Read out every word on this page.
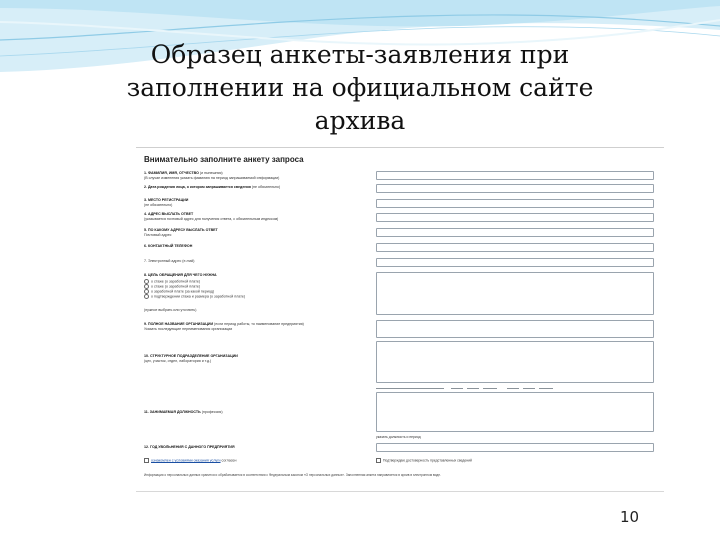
Образец анкеты-заявления при
заполнении на официальном сайте
архива
Внимательно заполните анкету запроса
1. ФАМИЛИЯ, ИМЯ, ОТЧЕСТВО (и нынешняя)
(В случае изменения указать фамилию на период запрашиваемой информации)
2. Дата рождения лица, о котором запрашивается сведения (не обязательно)
3. МЕСТО РЕГИСТРАЦИИ
(не обязательно)
4. АДРЕС ВЫСЛАТЬ ОТВЕТ
(указывается почтовый адрес для получения ответа, с обязательным индексом)
5. ПО КАКОМУ АДРЕСУ ВЫСЛАТЬ ОТВЕТ
Почтовый адрес
6. КОНТАКТНЫЙ ТЕЛЕФОН
7. Электронный адрес (e-mail)
8. ЦЕЛЬ ОБРАЩЕНИЯ ДЛЯ ЧЕГО НУЖНА
о стаже (о заработной плате)
о стаже (о заработной плате)
о заработной плате (за какой период)
о подтверждении стажа и размера (о заработной плате)
(нужное выбрать или уточнить)
9. ПОЛНОЕ НАЗВАНИЕ ОРГАНИЗАЦИИ (если период работы, то наименование предприятия)
Указать последующие переименования организации
10. СТРУКТУРНОЕ ПОДРАЗДЕЛЕНИЕ ОРГАНИЗАЦИИ
(цех, участок, отдел, лаборатория и т.д.)
11. ЗАНИМАЕМАЯ ДОЛЖНОСТЬ (профессия)
указать должность и период
12. ГОД УВОЛЬНЕНИЯ С ДАННОГО ПРЕДПРИЯТИЯ
ознакомлен с условиями оказания услуги согласен	Подтверждаю достоверность представленных сведений
Информация о персональных данных хранится и обрабатывается в соответствии с Федеральным законом «О персональных данных». Заполненная анкета направляется в архив в электронном виде.
10
